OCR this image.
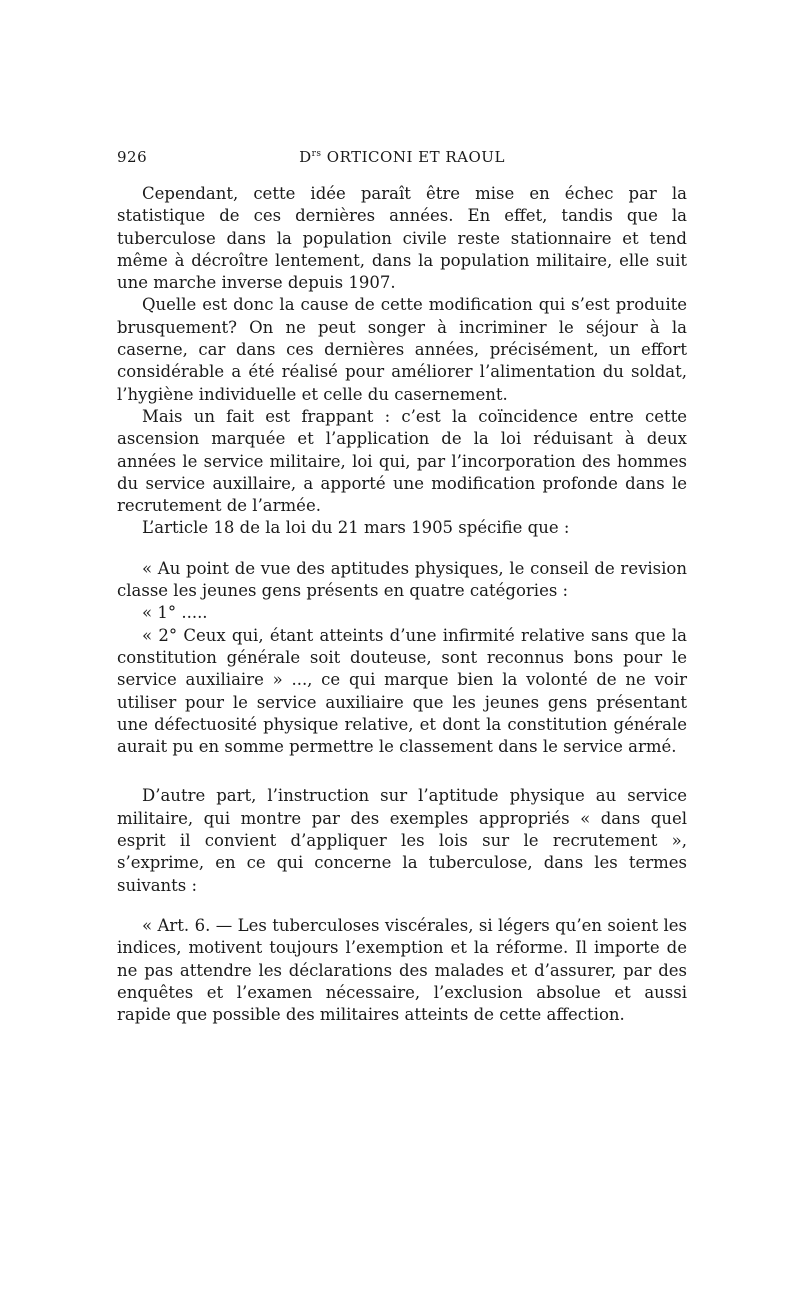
926	$D^{rs}$ ORTICONI ET RAOUL

Cependant, cette idée paraît être mise en échec par la statistique de ces dernières années. En effet, tandis que la tuberculose dans la population civile reste stationnaire et tend même à décroître lentement, dans la population militaire, elle suit une marche inverse depuis 1907.

Quelle est donc la cause de cette modification qui s’est produite brusquement? On ne peut songer à incriminer le séjour à la caserne, car dans ces dernières années, précisément, un effort considérable a été réalisé pour améliorer l’alimentation du soldat, l’hygiène individuelle et celle du casernement.

Mais un fait est frappant : c’est la coïncidence entre cette ascension marquée et l’application de la loi réduisant à deux années le service militaire, loi qui, par l’incorporation des hommes du service auxillaire, a apporté une modification profonde dans le recrutement de l’armée.

L’article 18 de la loi du 21 mars 1905 spécifie que :

« Au point de vue des aptitudes physiques, le conseil de revision classe les jeunes gens présents en quatre catégories :

« 1° .....

« 2° Ceux qui, étant atteints d’une infirmité relative sans que la constitution générale soit douteuse, sont reconnus bons pour le service auxiliaire » ..., ce qui marque bien la volonté de ne voir utiliser pour le service auxiliaire que les jeunes gens présentant une défectuosité physique relative, et dont la constitution générale aurait pu en somme permettre le classement dans le service armé.

D’autre part, l’instruction sur l’aptitude physique au service militaire, qui montre par des exemples appropriés « dans quel esprit il convient d’appliquer les lois sur le recrutement », s’exprime, en ce qui concerne la tuberculose, dans les termes suivants :

« Art. 6. — Les tuberculoses viscérales, si légers qu’en soient les indices, motivent toujours l’exemption et la réforme. Il importe de ne pas attendre les déclarations des malades et d’assurer, par des enquêtes et l’examen nécessaire, l’exclusion absolue et aussi rapide que possible des militaires atteints de cette affection.
